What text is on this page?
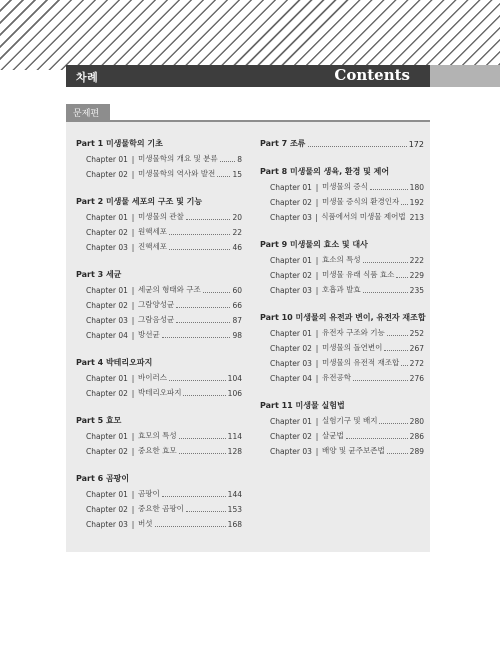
차례	Contents
문제편
Part 1 미생물학의 기초
Chapter 01 | 미생물학의 개요 및 분류	8
Chapter 02 | 미생물학의 역사와 발전 15
Part 2 미생물 세포의 구조 및 기능
Chapter 01 | 미생물의 관찰	20
Chapter 02 | 원핵세포	22
Chapter 03 | 진핵세포	46
Part 3 세균
Chapter 01 | 세균의 형태와 구조	60
Chapter 02 | 그람양성균	66
Chapter 03 | 그람음성균	87
Chapter 04 | 방선균	98
Part 4 박테리오파지
Chapter 01 | 바이러스	104
Chapter 02 | 박테리오파지	106
Part 5 효모
Chapter 01 | 효모의 특성	114
Chapter 02 | 중요한 효모	128
Part 6 곰팡이
Chapter 01 | 곰팡이	144
Chapter 02 | 중요한 곰팡이	153
Chapter 03 | 버섯	168
Part 7 조류	172
Part 8 미생물의 생육, 환경 및 제어
Chapter 01 | 미생물의 증식	180
Chapter 02 | 미생물 증식의 환경인자 192
Chapter 03 | 식품에서의 미생물 제어법 213
Part 9 미생물의 효소 및 대사
Chapter 01 | 효소의 특성	222
Chapter 02 | 미생물 유래 식품 효소 229
Chapter 03 | 호흡과 발효	235
Part 10 미생물의 유전과 변이, 유전자 재조합
Chapter 01 | 유전자 구조와 기능	252
Chapter 02 | 미생물의 돌연변이	267
Chapter 03 | 미생물의 유전적 재조합 272
Chapter 04 | 유전공학	276
Part 11 미생물 실험법
Chapter 01 | 실험기구 및 배지	280
Chapter 02 | 살균법	286
Chapter 03 | 배양 및 균주보존법	289
